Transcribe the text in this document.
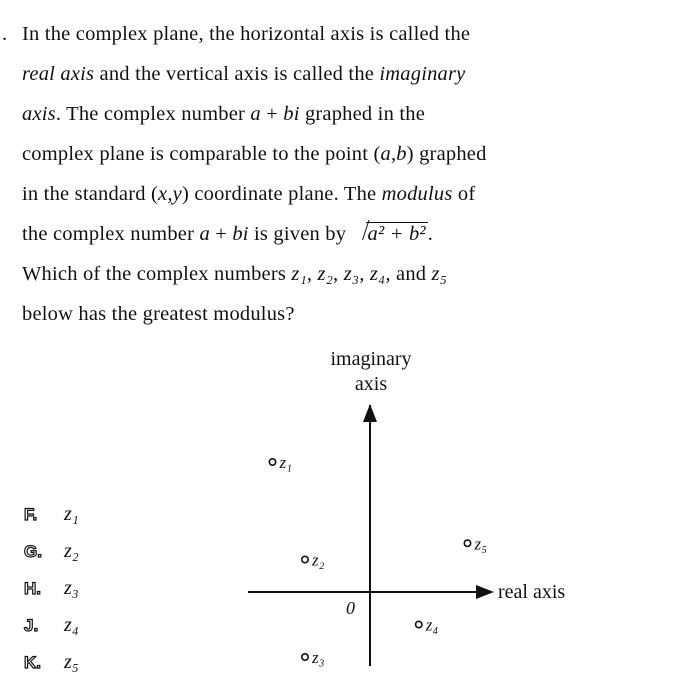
. In the complex plane, the horizontal axis is called the
real axis and the vertical axis is called the imaginary
axis. The complex number a + bi graphed in the
complex plane is comparable to the point (a,b) graphed
in the standard (x,y) coordinate plane. The modulus of
the complex number a + bi is given by a² + b².
Which of the complex numbers z₁, z₂, z₃, z₄, and z₅
below has the greatest modulus?
F. z₁
G. z₂
H. z₃
J. z₄
K. z₅
imaginary
axis
real axis
0
z₁
z₂
z₃
z₄
z₅
